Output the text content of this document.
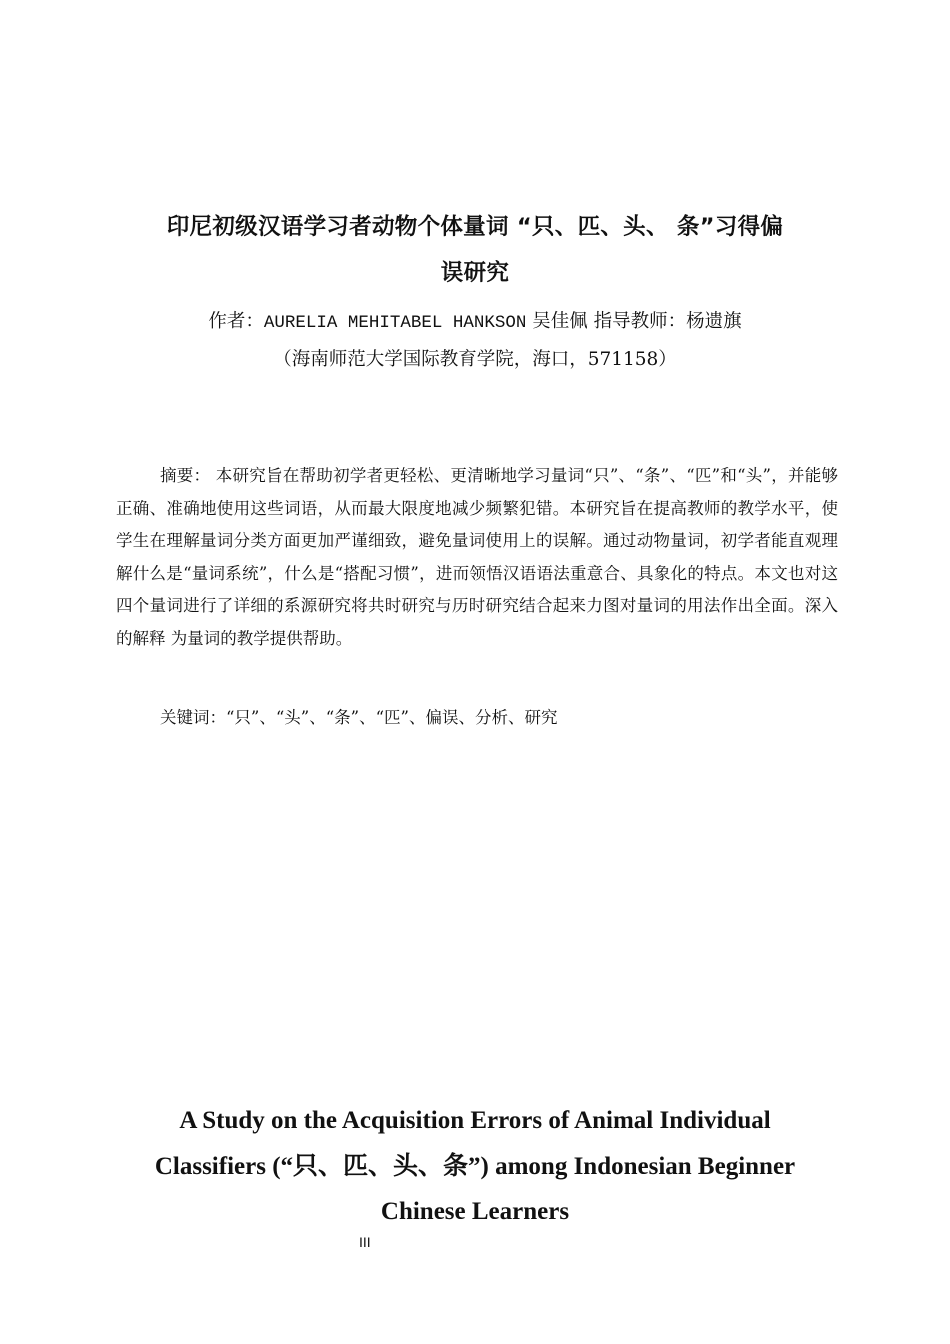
印尼初级汉语学习者动物个体量词 “只、匹、头、 条”习得偏
误研究
作者：AURELIA MEHITABEL HANKSON 吴佳佩 指导教师：杨遗旗
（海南师范大学国际教育学院，海口，571158）

摘要： 本研究旨在帮助初学者更轻松、更清晰地学习量词“只”、“条”、“匹”和“头”，并能够正确、准确地使用这些词语，从而最大限度地减少频繁犯错。本研究旨在提高教师的教学水平，使学生在理解量词分类方面更加严谨细致，避免量词使用上的误解。通过动物量词，初学者能直观理解什么是“量词系统”，什么是“搭配习惯”，进而领悟汉语语法重意合、具象化的特点。本文也对这四个量词进行了详细的系源研究将共时研究与历时研究结合起来力图对量词的用法作出全面。深入的解释 为量词的教学提供帮助。

关键词：“只”、“头”、“条”、“匹”、偏误、分析、研究
A Study on the Acquisition Errors of Animal Individual
Classifiers (“只、匹、头、条”) among Indonesian Beginner
Chinese Learners
III
